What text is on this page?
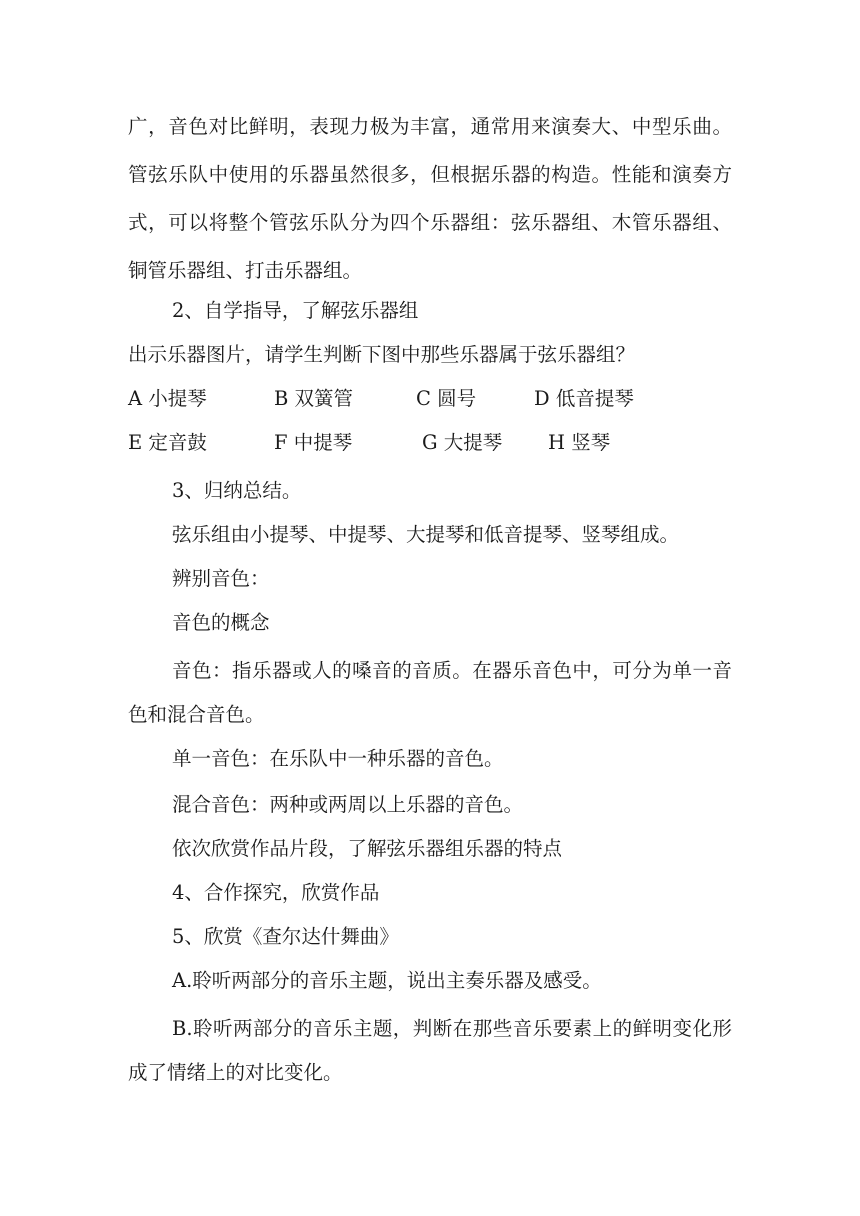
广，音色对比鲜明，表现力极为丰富，通常用来演奏大、中型乐曲。
管弦乐队中使用的乐器虽然很多，但根据乐器的构造。性能和演奏方
式，可以将整个管弦乐队分为四个乐器组：弦乐器组、木管乐器组、
铜管乐器组、打击乐器组。
2、自学指导，了解弦乐器组
出示乐器图片，请学生判断下图中那些乐器属于弦乐器组？
A 小提琴	B 双簧管	C 圆号	D 低音提琴
E 定音鼓	F 中提琴	G 大提琴 H 竖琴
3、归纳总结。
弦乐组由小提琴、中提琴、大提琴和低音提琴、竖琴组成。
辨别音色：
音色的概念
音色：指乐器或人的嗓音的音质。在器乐音色中，可分为单一音
色和混合音色。
单一音色：在乐队中一种乐器的音色。
混合音色：两种或两周以上乐器的音色。
依次欣赏作品片段，了解弦乐器组乐器的特点
4、合作探究，欣赏作品
5、欣赏《查尔达什舞曲》
A.聆听两部分的音乐主题，说出主奏乐器及感受。
B.聆听两部分的音乐主题，判断在那些音乐要素上的鲜明变化形
成了情绪上的对比变化。
